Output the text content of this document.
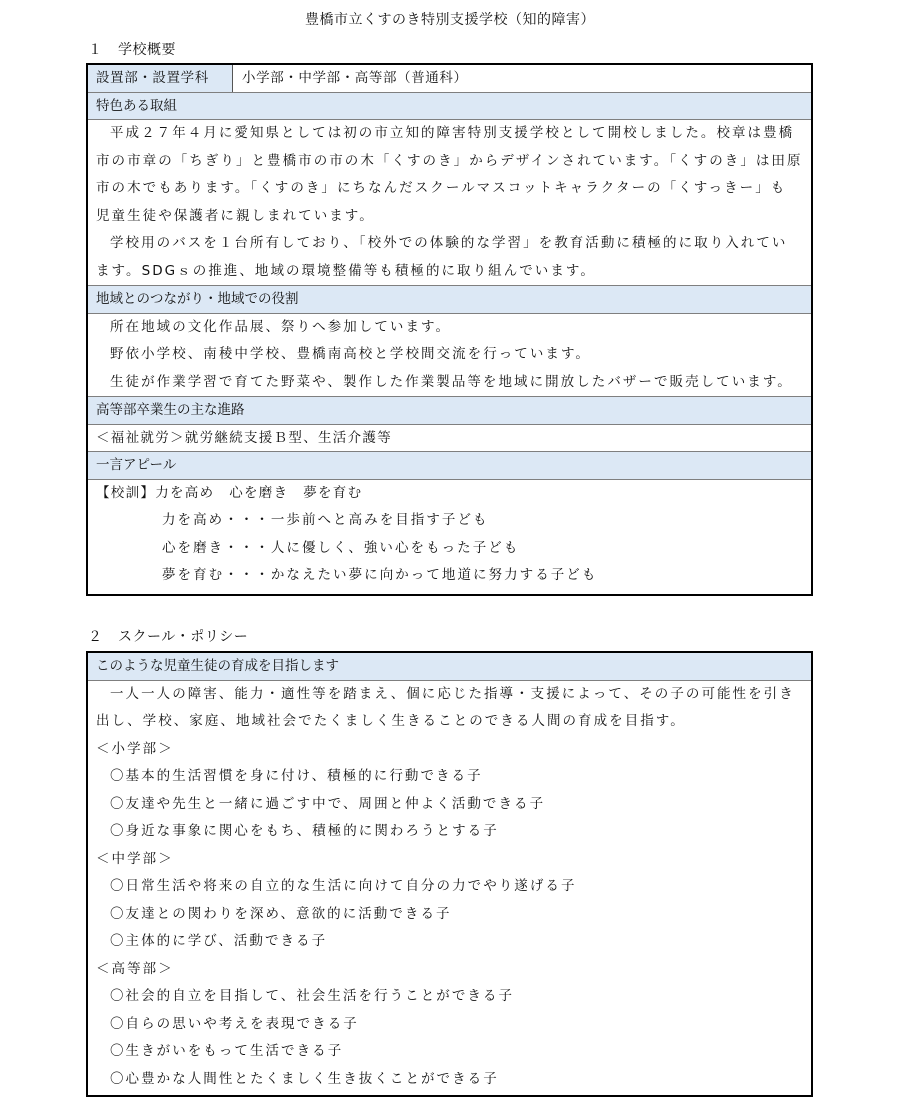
豊橋市立くすのき特別支援学校（知的障害）
１ 学校概要
設置部・設置学科	小学部・中学部・高等部（普通科）
特色ある取組
平成２７年４月に愛知県としては初の市立知的障害特別支援学校として開校しました。校章は豊橋
市の市章の「ちぎり」と豊橋市の市の木「くすのき」からデザインされています。「くすのき」は田原
市の木でもあります。「くすのき」にちなんだスクールマスコットキャラクターの「くすっきー」も
児童生徒や保護者に親しまれています。
学校用のバスを１台所有しており、「校外での体験的な学習」を教育活動に積極的に取り入れてい
ます。SDGｓの推進、地域の環境整備等も積極的に取り組んでいます。
地域とのつながり・地域での役割
所在地域の文化作品展、祭りへ参加しています。
野依小学校、南稜中学校、豊橋南高校と学校間交流を行っています。
生徒が作業学習で育てた野菜や、製作した作業製品等を地域に開放したバザーで販売しています。
高等部卒業生の主な進路
＜福祉就労＞就労継続支援Ｂ型、生活介護等
一言アピール
【校訓】力を高め　心を磨き　夢を育む
力を高め・・・一歩前へと高みを目指す子ども
心を磨き・・・人に優しく、強い心をもった子ども
夢を育む・・・かなえたい夢に向かって地道に努力する子ども
２ スクール・ポリシー
このような児童生徒の育成を目指します
一人一人の障害、能力・適性等を踏まえ、個に応じた指導・支援によって、その子の可能性を引き
出し、学校、家庭、地域社会でたくましく生きることのできる人間の育成を目指す。
＜小学部＞
〇基本的生活習慣を身に付け、積極的に行動できる子
〇友達や先生と一緒に過ごす中で、周囲と仲よく活動できる子
〇身近な事象に関心をもち、積極的に関わろうとする子
＜中学部＞
〇日常生活や将来の自立的な生活に向けて自分の力でやり遂げる子
〇友達との関わりを深め、意欲的に活動できる子
〇主体的に学び、活動できる子
＜高等部＞
〇社会的自立を目指して、社会生活を行うことができる子
〇自らの思いや考えを表現できる子
〇生きがいをもって生活できる子
〇心豊かな人間性とたくましく生き抜くことができる子
